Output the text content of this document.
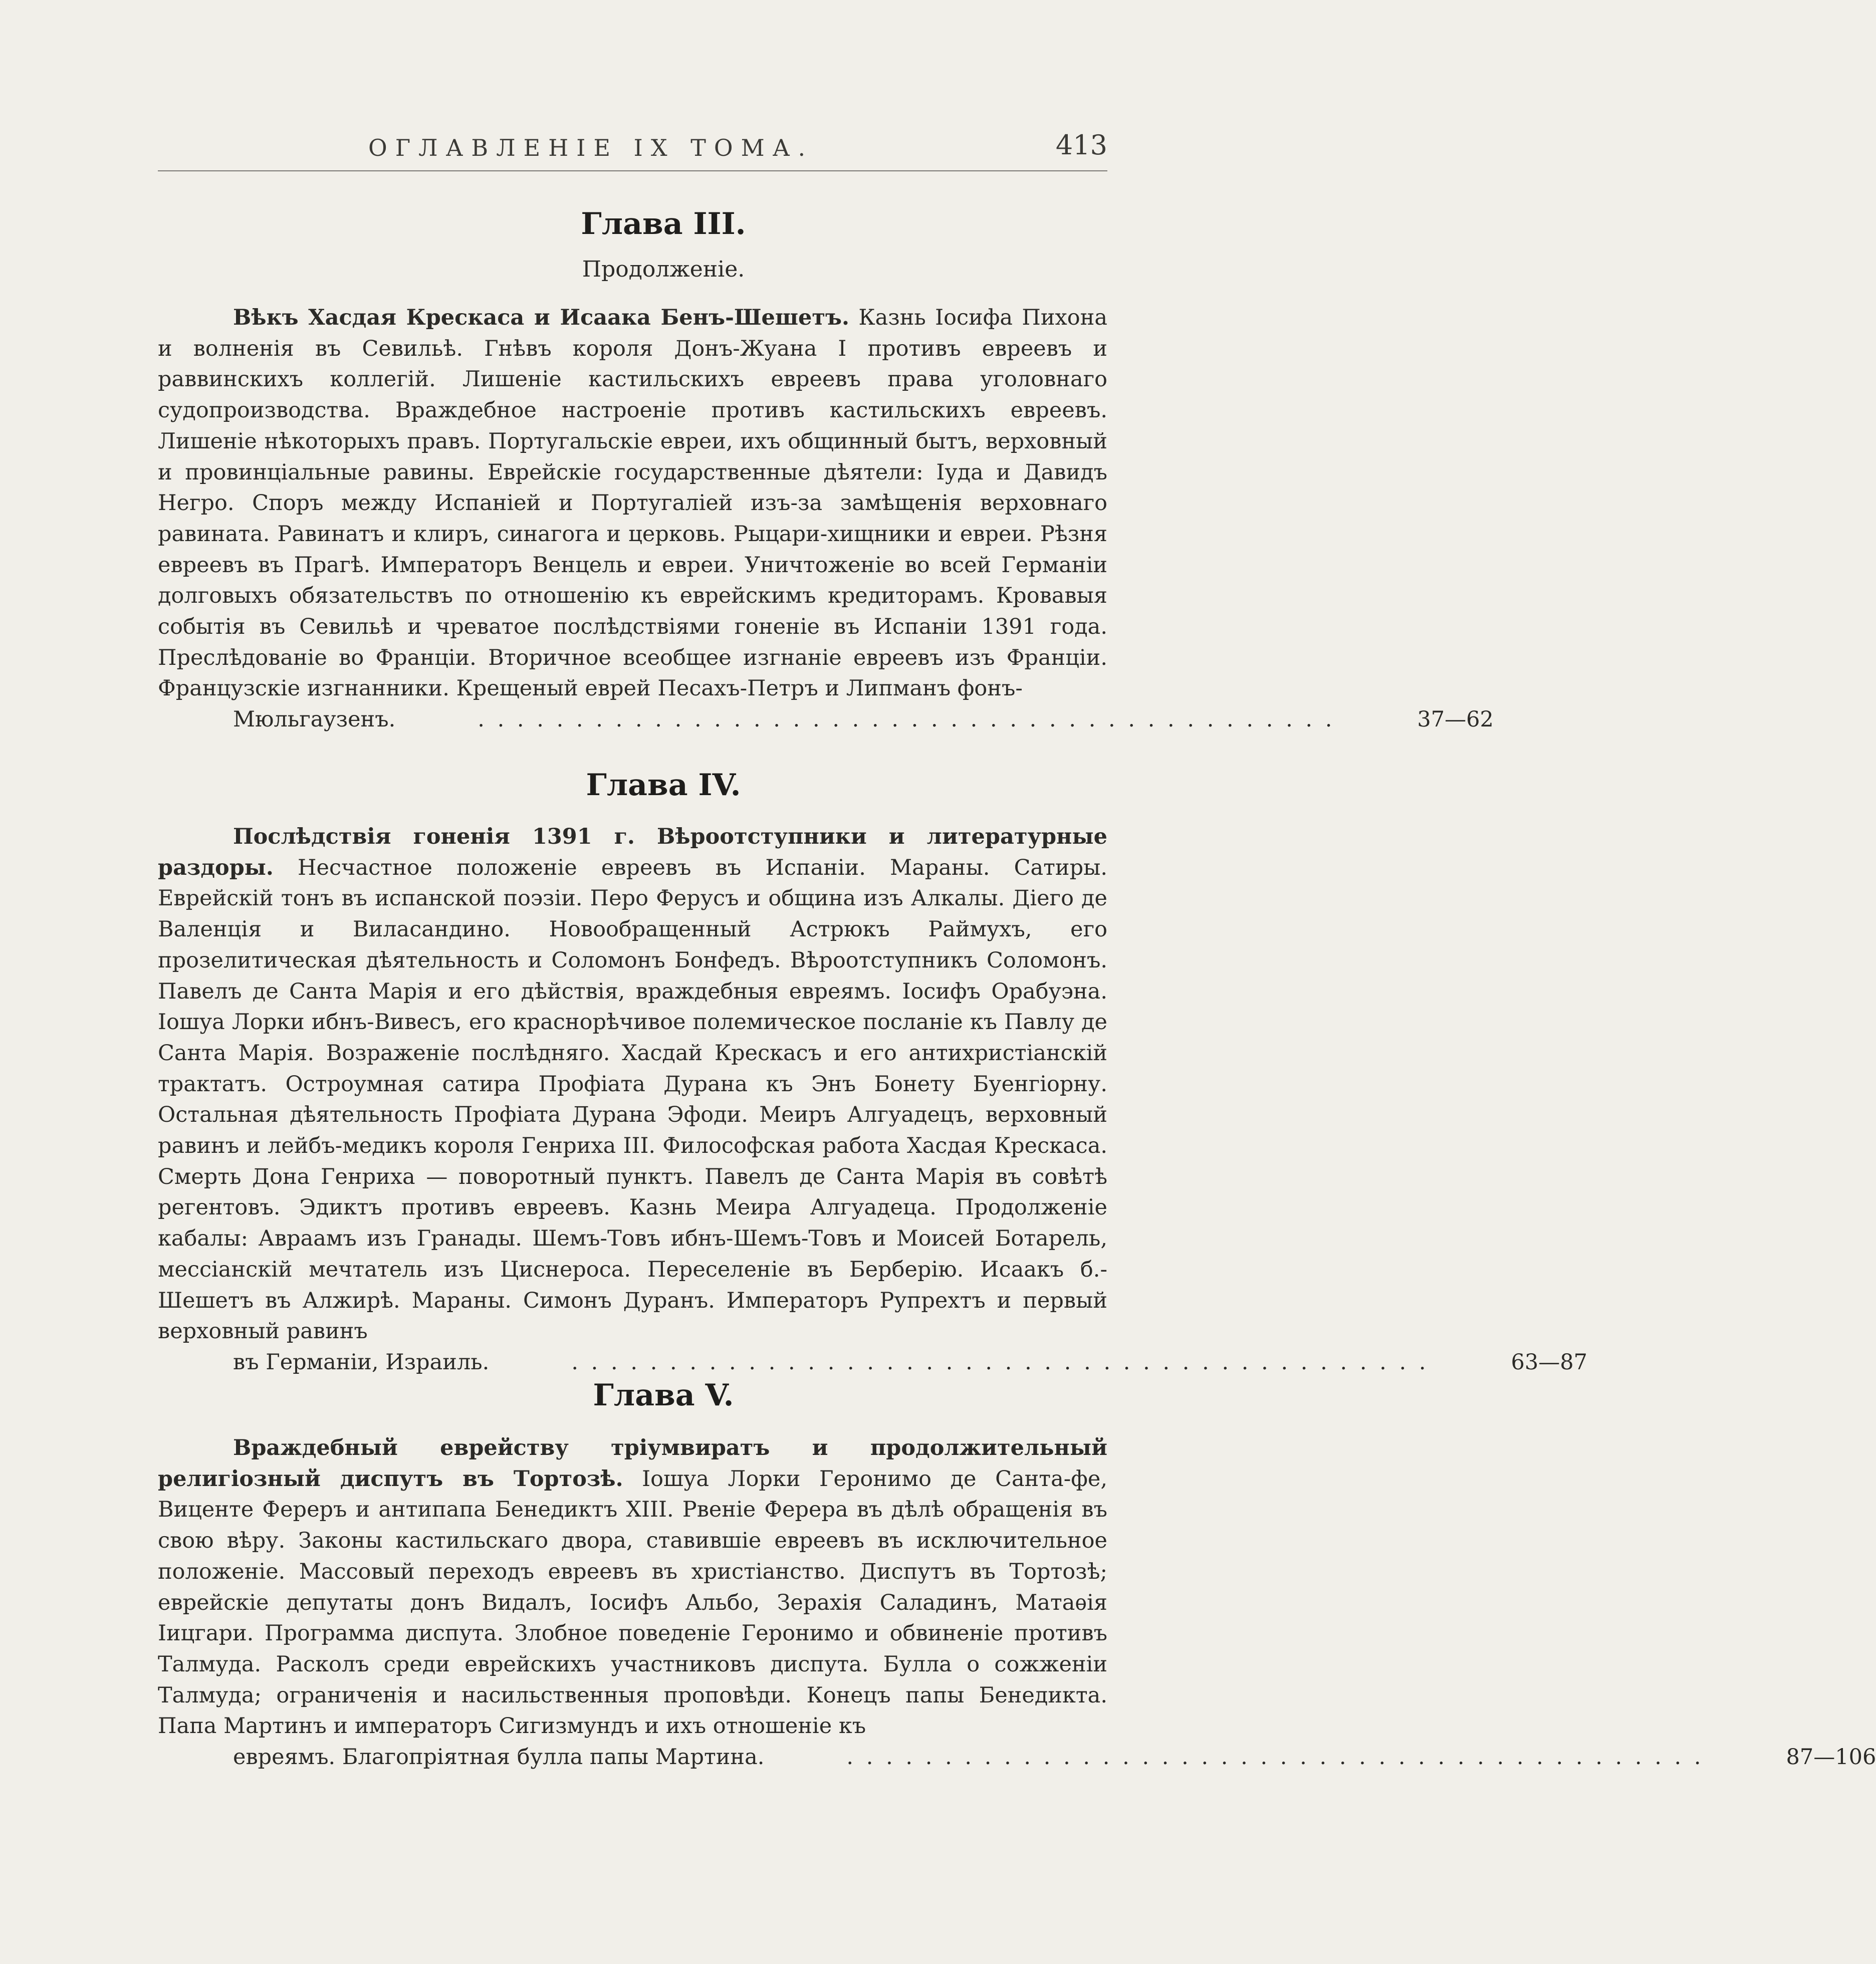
ОГЛАВЛЕНІЕ IX ТОМА.	413
Глава III.
Продолженіе.
Вѣкъ Хасдая Крескаса и Исаака Бенъ-Шешетъ. Казнь Іосифа Пихона и волненія въ Севильѣ. Гнѣвъ короля Донъ-Жуана I противъ евреевъ и раввинскихъ коллегій. Лишеніе кастильскихъ евреевъ права уголовнаго судопроизводства. Враждебное настроеніе противъ кастильскихъ евреевъ. Лишеніе нѣкоторыхъ правъ. Португальскіе евреи, ихъ общинный бытъ, верховный и провинціальные равины. Еврейскіе государственные дѣятели: Іуда и Давидъ Негро. Споръ между Испаніей и Португаліей изъ-за замѣщенія верховнаго равината. Равинатъ и клиръ, синагога и церковь. Рыцари-хищники и евреи. Рѣзня евреевъ въ Прагѣ. Императоръ Венцель и евреи. Уничтоженіе во всей Германіи долговыхъ обязательствъ по отношенію къ еврейскимъ кредиторамъ. Кровавыя событія въ Севильѣ и чреватое послѣдствіями гоненіе въ Испаніи 1391 года. Преслѣдованіе во Франціи. Вторичное всеобщее изгнаніе евреевъ изъ Франціи. Французскіе изгнанники. Крещеный еврей Песахъ-Петръ и Липманъ фонъ-
Мюльгаузенъ.	. . . . . . . . . . . . . . . . . . . . . . . . . . . . . . . . . . . . . . . . . . . .	37—62
Глава IV.
Послѣдствія гоненія 1391 г. Вѣроотступники и литературные раздоры. Несчастное положеніе евреевъ въ Испаніи. Мараны. Сатиры. Еврейскій тонъ въ испанской поэзіи. Перо Ферусъ и община изъ Алкалы. Діего де Валенція и Виласандино. Новообращенный Астрюкъ Раймухъ, его прозелитическая дѣятельность и Соломонъ Бонфедъ. Вѣроотступникъ Соломонъ. Павелъ де Санта Марія и его дѣйствія, враждебныя евреямъ. Іосифъ Орабуэна. Іошуа Лорки ибнъ-Вивесъ, его краснорѣчивое полемическое посланіе къ Павлу де Санта Марія. Возраженіе послѣдняго. Хасдай Крескасъ и его антихристіанскій трактатъ. Остроумная сатира Профіата Дурана къ Энъ Бонету Буенгіорну. Остальная дѣятельность Профіата Дурана Эфоди. Меиръ Алгуадецъ, верховный равинъ и лейбъ-медикъ короля Генриха III. Философская работа Хасдая Крескаса. Смерть Дона Генриха — поворотный пунктъ. Павелъ де Санта Марія въ совѣтѣ регентовъ. Эдиктъ противъ евреевъ. Казнь Меира Алгуадеца. Продолженіе кабалы: Авраамъ изъ Гранады. Шемъ-Товъ ибнъ-Шемъ-Товъ и Моисей Ботарель, мессіанскій мечтатель изъ Циснероса. Переселеніе въ Берберію. Исаакъ б.-Шешетъ въ Алжирѣ. Мараны. Симонъ Дуранъ. Императоръ Рупрехтъ и первый верховный равинъ
въ Германіи, Израиль.	. . . . . . . . . . . . . . . . . . . . . . . . . . . . . . . . . . . . . . . . . . . .	63—87
Глава V.
Враждебный еврейству тріумвиратъ и продолжительный религіозный диспутъ въ Тортозѣ. Іошуа Лорки Геронимо де Санта-фе, Виценте Фереръ и антипапа Бенедиктъ XIII. Рвеніе Ферера въ дѣлѣ обращенія въ свою вѣру. Законы кастильскаго двора, ставившіе евреевъ въ исключительное положеніе. Массовый переходъ евреевъ въ христіанство. Диспутъ въ Тортозѣ; еврейскіе депутаты донъ Видалъ, Іосифъ Альбо, Зерахія Саладинъ, Матаѳія Іицгари. Программа диспута. Злобное поведеніе Геронимо и обвиненіе противъ Талмуда. Расколъ среди еврейскихъ участниковъ диспута. Булла о сожженіи Талмуда; ограниченія и насильственныя проповѣди. Конецъ папы Бенедикта. Папа Мартинъ и императоръ Сигизмундъ и ихъ отношеніе къ
евреямъ. Благопріятная булла папы Мартина.	. . . . . . . . . . . . . . . . . . . . . . . . . . . . . . . . . . . . . . . . . . . .	87—106
